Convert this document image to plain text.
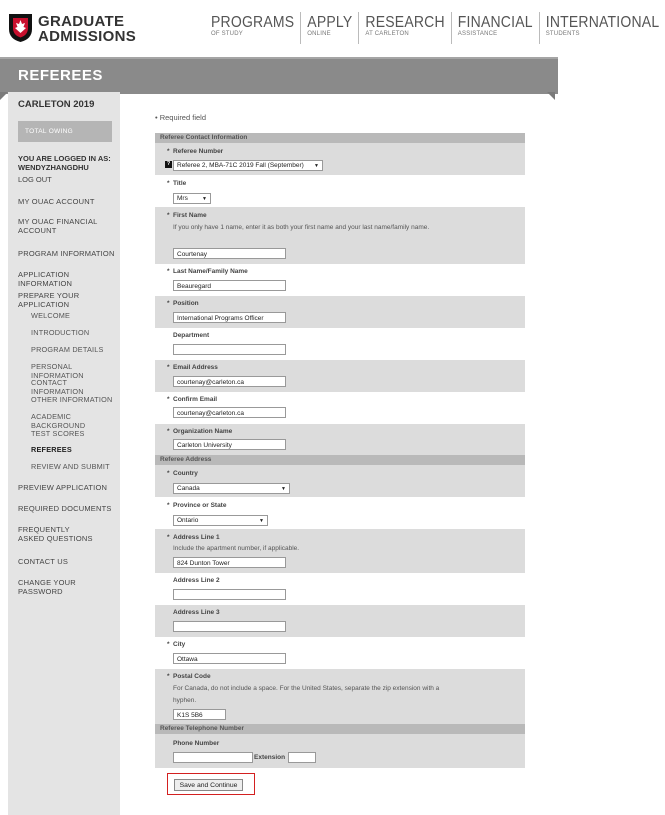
GRADUATE
ADMISSIONS
PROGRAMS
OF STUDY
APPLY
ONLINE
RESEARCH
AT CARLETON
FINANCIAL
ASSISTANCE
INTERNATIONAL
STUDENTS
REFEREES
CARLETON 2019
TOTAL OWING
YOU ARE LOGGED IN AS:
WENDYZHANGDHU
LOG OUT
MY OUAC ACCOUNT
MY OUAC FINANCIAL ACCOUNT
PROGRAM INFORMATION
APPLICATION INFORMATION
PREPARE YOUR APPLICATION
WELCOME
INTRODUCTION
PROGRAM DETAILS
PERSONAL INFORMATION
CONTACT INFORMATION
OTHER INFORMATION
ACADEMIC BACKGROUND
TEST SCORES
REFEREES
REVIEW AND SUBMIT
PREVIEW APPLICATION
REQUIRED DOCUMENTS
FREQUENTLY ASKED QUESTIONS
CONTACT US
CHANGE YOUR PASSWORD
• Required field
Referee Contact Information
* Referee Number
?	Referee 2, MBA-71C 2019 Fall (September) ▼
* Title
Mrs	▼
* First Name
If you only have 1 name, enter it as both your first name and your last name/family name.
Courtenay
* Last Name/Family Name
Beauregard
* Position
International Programs Officer
Department
* Email Address
courtenay@carleton.ca
* Confirm Email
courtenay@carleton.ca
* Organization Name
Carleton University
Referee Address
* Country
Canada	▼
* Province or State
Ontario	▼
* Address Line 1
Include the apartment number, if applicable.
824 Dunton Tower
Address Line 2
Address Line 3
* City
Ottawa
* Postal Code
For Canada, do not include a space. For the United States, separate the zip extension with a hyphen.
K1S 5B6
Referee Telephone Number
Phone Number
Extension
Save and Continue
